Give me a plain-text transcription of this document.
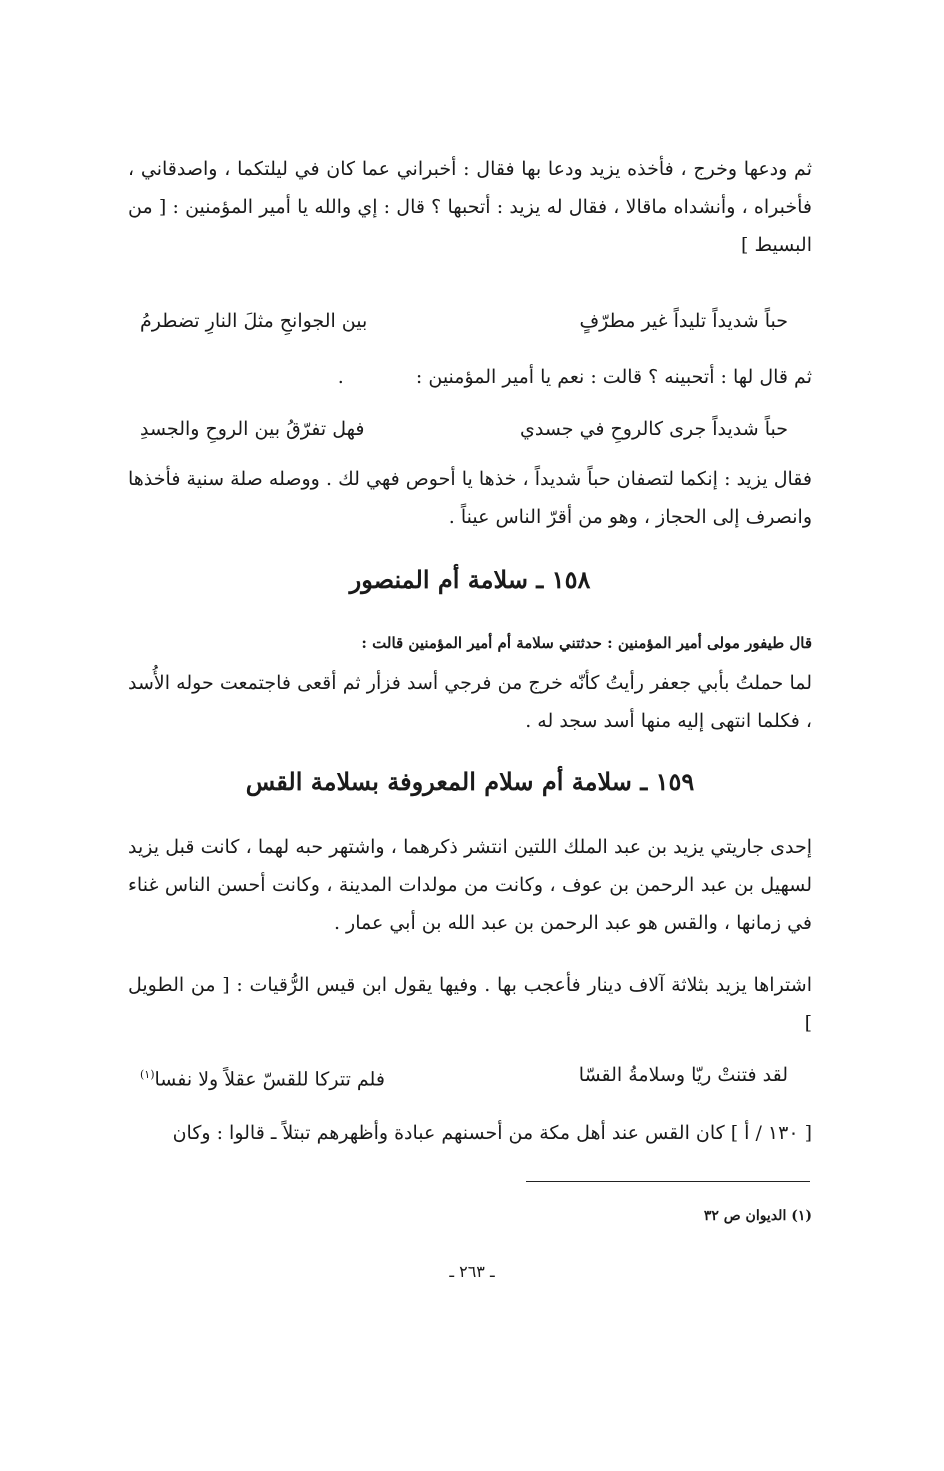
ثم ودعها وخرج ، فأخذه يزيد ودعا بها فقال : أخبراني عما كان في ليلتكما ، واصدقاني ، فأخبراه ، وأنشداه ماقالا ، فقال له يزيد : أتحبها ؟ قال : إي والله يا أمير المؤمنين : [ من البسيط ]

حباً شديداً تليداً غير مطرّفٍ
بين الجوانحِ مثلَ النارِ تضطرمُ
ثم قال لها : أتحبينه ؟ قالت : نعم يا أمير المؤمنين :  .
حباً شديداً جرى كالروحِ في جسدي
فهل تفرّقُ بين الروحِ والجسدِ

فقال يزيد : إنكما لتصفان حباً شديداً ، خذها يا أحوص فهي لك . ووصله صلة سنية فأخذها وانصرف إلى الحجاز ، وهو من أقرّ الناس عيناً .

١٥٨ ـ سلامة أم المنصور

قال طيفور مولى أمير المؤمنين : حدثتني سلامة أم أمير المؤمنين قالت :

لما حملتُ بأبي جعفر رأيتُ كأنّه خرج من فرجي أسد فزأر ثم أقعى فاجتمعت حوله الأُسد ، فكلما انتهى إليه منها أسد سجد له .

١٥٩ ـ سلامة أم سلام المعروفة بسلامة القس

إحدى جاريتي يزيد بن عبد الملك اللتين انتشر ذكرهما ، واشتهر حبه لهما ، كانت قبل يزيد لسهيل بن عبد الرحمن بن عوف ، وكانت من مولدات المدينة ، وكانت أحسن الناس غناء في زمانها ، والقس هو عبد الرحمن بن عبد الله بن أبي عمار .

اشتراها يزيد بثلاثة آلاف دينار فأعجب بها . وفيها يقول ابن قيس الرُّقيات : [ من الطويل ]

لقد فتنتْ ريّا وسلامةُ القسّا
فلم تتركا للقسّ عقلاً ولا نفسا$^{(١)}$

[ ١٣٠ / أ ] كان القس عند أهل مكة من أحسنهم عبادة وأظهرهم تبتلاً ـ قالوا : وكان

(١) الديوان ص ٣٢

ـ ٢٦٣ ـ
